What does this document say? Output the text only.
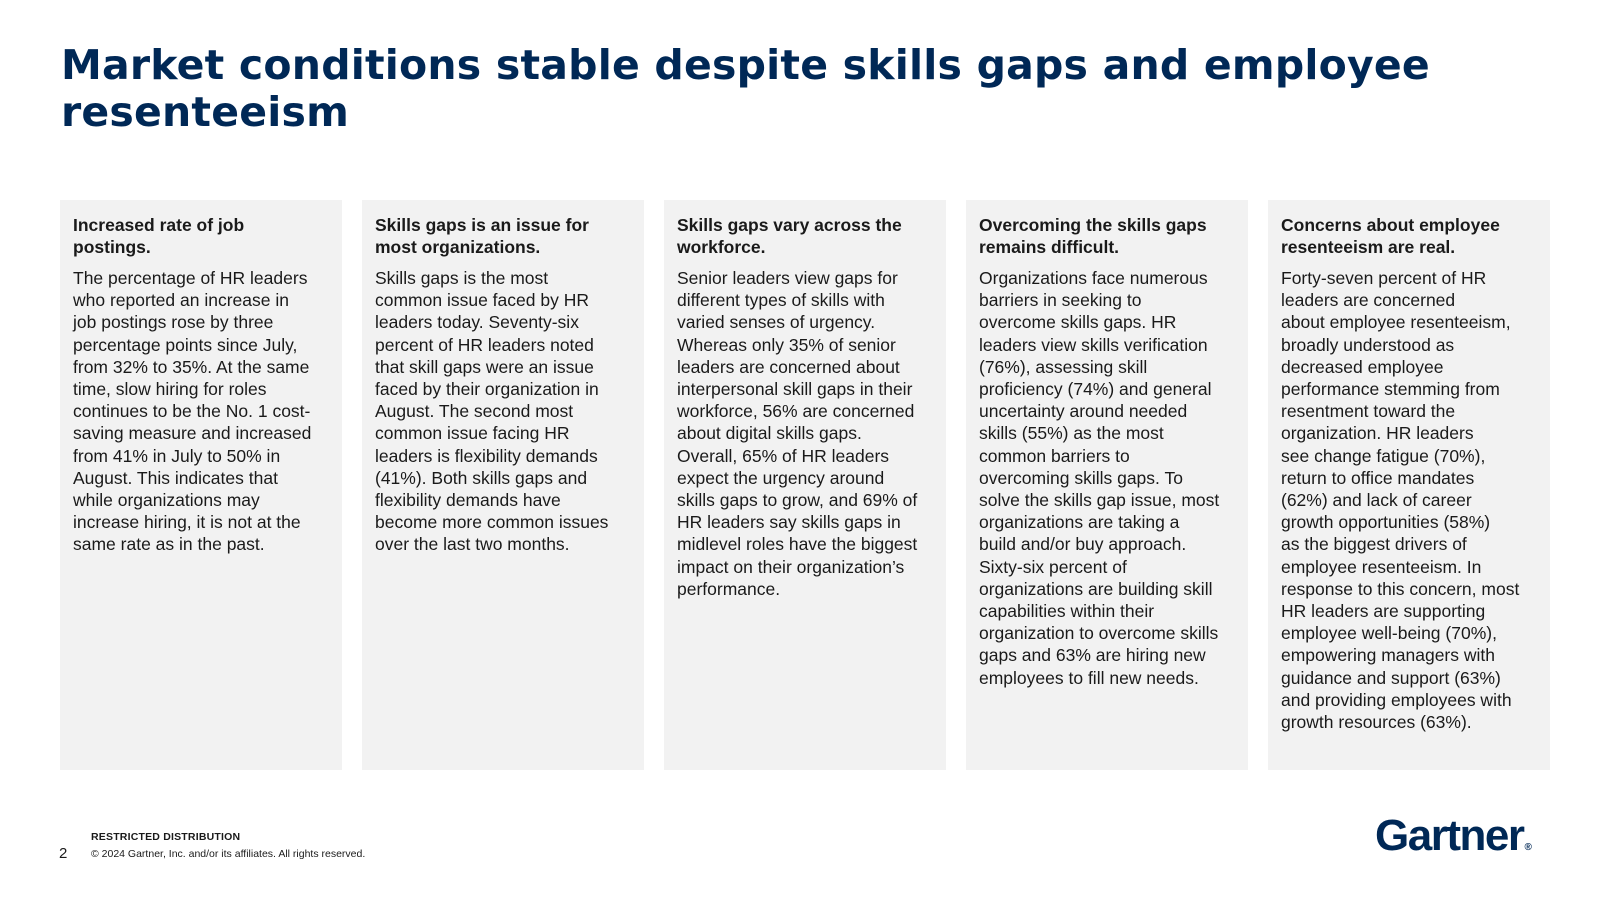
Market conditions stable despite skills gaps and employee resenteeism
Increased rate of job
postings.

The percentage of HR leaders
who reported an increase in
job postings rose by three
percentage points since July,
from 32% to 35%. At the same
time, slow hiring for roles
continues to be the No. 1 cost-
saving measure and increased
from 41% in July to 50% in
August. This indicates that
while organizations may
increase hiring, it is not at the
same rate as in the past.

Skills gaps is an issue for
most organizations.

Skills gaps is the most
common issue faced by HR
leaders today. Seventy-six
percent of HR leaders noted
that skill gaps were an issue
faced by their organization in
August. The second most
common issue facing HR
leaders is flexibility demands
(41%). Both skills gaps and
flexibility demands have
become more common issues
over the last two months.

Skills gaps vary across the
workforce.

Senior leaders view gaps for
different types of skills with
varied senses of urgency.
Whereas only 35% of senior
leaders are concerned about
interpersonal skill gaps in their
workforce, 56% are concerned
about digital skills gaps.
Overall, 65% of HR leaders
expect the urgency around
skills gaps to grow, and 69% of
HR leaders say skills gaps in
midlevel roles have the biggest
impact on their organization’s
performance.

Overcoming the skills gaps
remains difficult.

Organizations face numerous
barriers in seeking to
overcome skills gaps. HR
leaders view skills verification
(76%), assessing skill
proficiency (74%) and general
uncertainty around needed
skills (55%) as the most
common barriers to
overcoming skills gaps. To
solve the skills gap issue, most
organizations are taking a
build and/or buy approach.
Sixty-six percent of
organizations are building skill
capabilities within their
organization to overcome skills
gaps and 63% are hiring new
employees to fill new needs.

Concerns about employee
resenteeism are real.

Forty-seven percent of HR
leaders are concerned
about employee resenteeism,
broadly understood as
decreased employee
performance stemming from
resentment toward the
organization. HR leaders
see change fatigue (70%),
return to office mandates
(62%) and lack of career
growth opportunities (58%)
as the biggest drivers of
employee resenteeism. In
response to this concern, most
HR leaders are supporting
employee well-being (70%),
empowering managers with
guidance and support (63%)
and providing employees with
growth resources (63%).

2
RESTRICTED DISTRIBUTION
© 2024 Gartner, Inc. and/or its affiliates. All rights reserved.	Gartner®
